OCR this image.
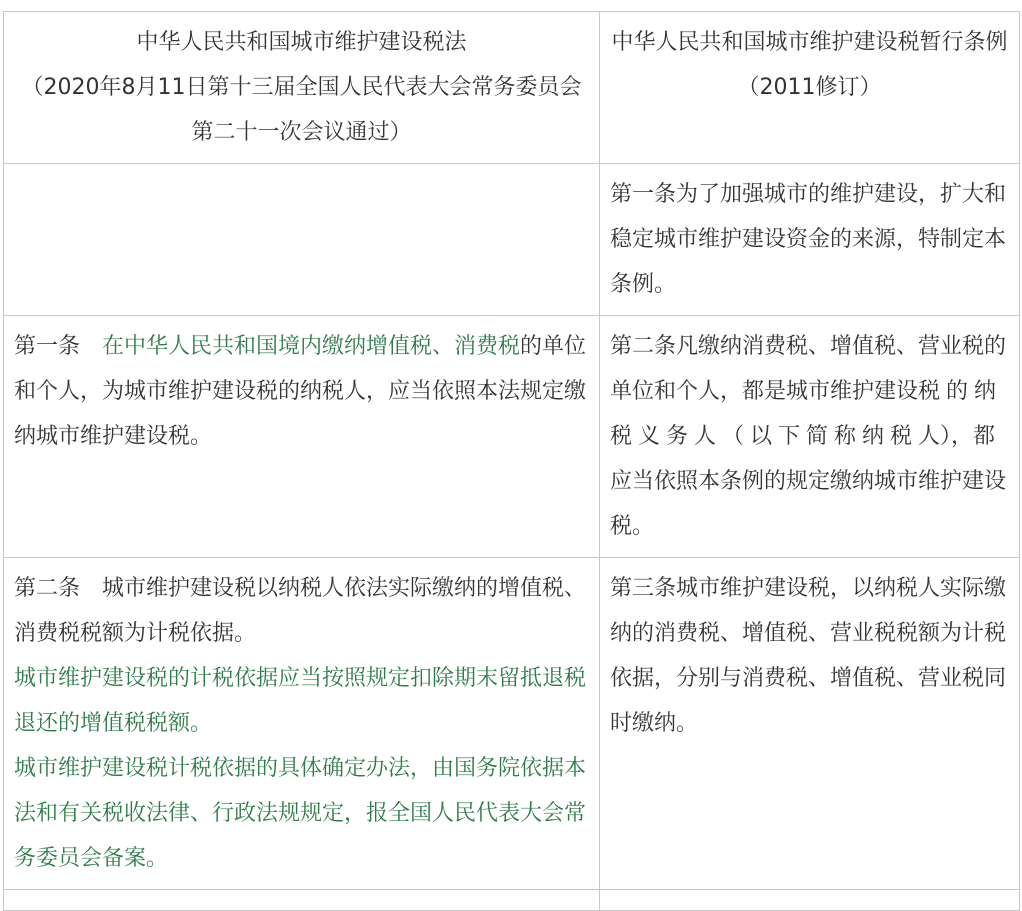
中华人民共和国城市维护建设税法
（2020年8月11日第十三届全国人民代表大会常务委员会第二十一次会议通过）	中华人民共和国城市维护建设税暂行条例（2011修订）

	第一条为了加强城市的维护建设，扩大和稳定城市维护建设资金的来源，特制定本条例。

第一条　在中华人民共和国境内缴纳增值税、消费税的单位和个人，为城市维护建设税的纳税人，应当依照本法规定缴纳城市维护建设税。	第二条凡缴纳消费税、增值税、营业税的单位和个人，都是城市维护建设税的纳税义务人（以下简称纳税人），都应当依照本条例的规定缴纳城市维护建设税。

第二条　城市维护建设税以纳税人依法实际缴纳的增值税、消费税税额为计税依据。
城市维护建设税的计税依据应当按照规定扣除期末留抵退税退还的增值税税额。
城市维护建设税计税依据的具体确定办法，由国务院依据本法和有关税收法律、行政法规规定，报全国人民代表大会常务委员会备案。	第三条城市维护建设税，以纳税人实际缴纳的消费税、增值税、营业税税额为计税依据，分别与消费税、增值税、营业税同时缴纳。
